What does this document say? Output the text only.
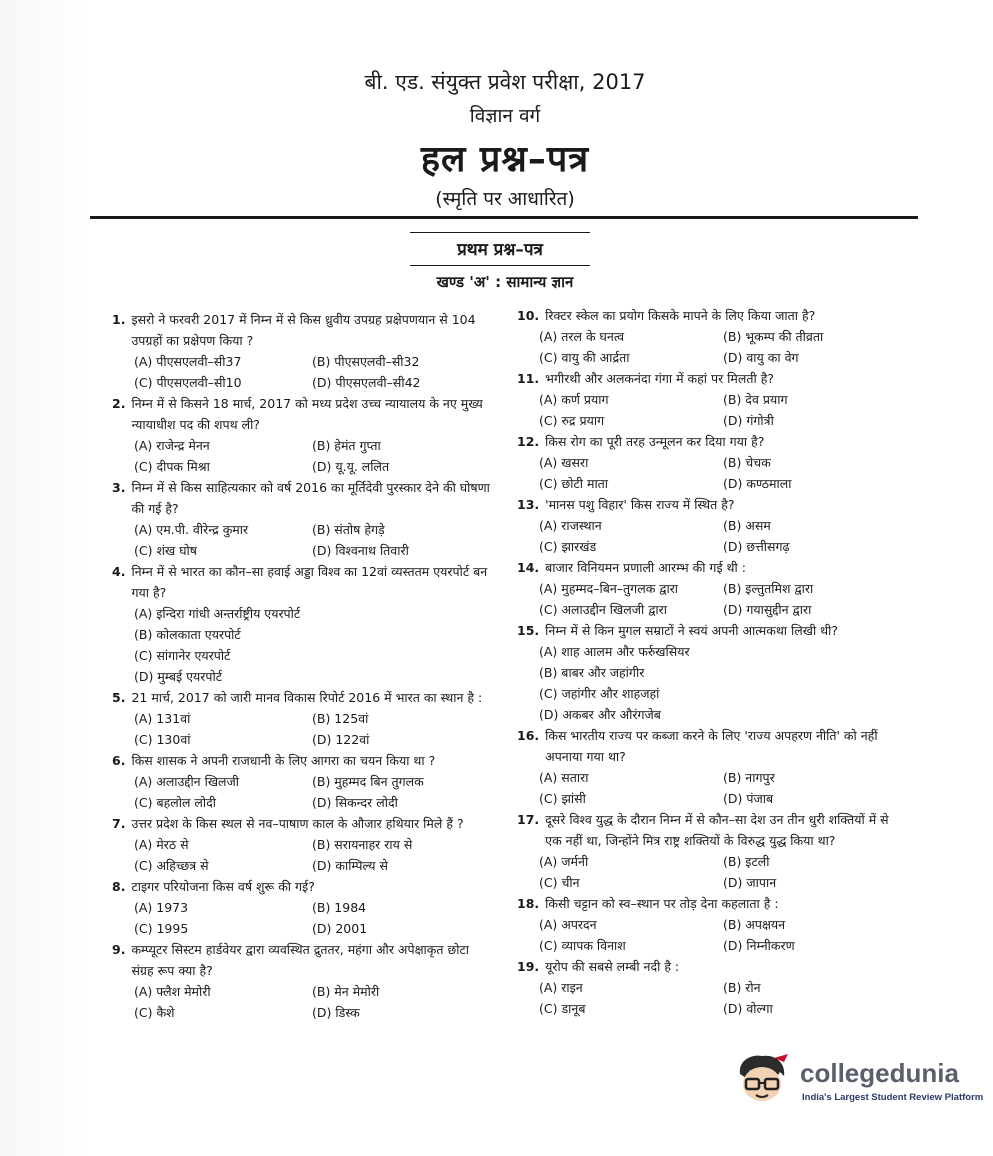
बी. एड. संयुक्त प्रवेश परीक्षा, 2017
विज्ञान वर्ग
हल प्रश्न–पत्र
(स्मृति पर आधारित)
प्रथम प्रश्न–पत्र
खण्ड 'अ' : सामान्य ज्ञान
1. इसरो ने फरवरी 2017 में निम्न में से किस ध्रुवीय उपग्रह प्रक्षेपणयान से 104 उपग्रहों का प्रक्षेपण किया ?
(A) पीएसएलवी–सी37	(B) पीएसएलवी–सी32
(C) पीएसएलवी–सी10	(D) पीएसएलवी–सी42
2. निम्न में से किसने 18 मार्च, 2017 को मध्य प्रदेश उच्च न्यायालय के नए मुख्य न्यायाधीश पद की शपथ ली?
(A) राजेन्द्र मेनन	(B) हेमंत गुप्ता
(C) दीपक मिश्रा	(D) यू.यू. ललित
3. निम्न में से किस साहित्यकार को वर्ष 2016 का मूर्तिदेवी पुरस्कार देने की घोषणा की गई है?
(A) एम.पी. वीरेन्द्र कुमार	(B) संतोष हेगड़े
(C) शंख घोष	(D) विश्वनाथ तिवारी
4. निम्न में से भारत का कौन–सा हवाई अड्डा विश्व का 12वां व्यस्ततम एयरपोर्ट बन गया है?
(A) इन्दिरा गांधी अन्तर्राष्ट्रीय एयरपोर्ट
(B) कोलकाता एयरपोर्ट
(C) सांगानेर एयरपोर्ट
(D) मुम्बई एयरपोर्ट
5. 21 मार्च, 2017 को जारी मानव विकास रिपोर्ट 2016 में भारत का स्थान है :
(A) 131वां	(B) 125वां
(C) 130वां	(D) 122वां
6. किस शासक ने अपनी राजधानी के लिए आगरा का चयन किया था ?
(A) अलाउद्दीन खिलजी	(B) मुहम्मद बिन तुगलक
(C) बहलोल लोदी	(D) सिकन्दर लोदी
7. उत्तर प्रदेश के किस स्थल से नव–पाषाण काल के औजार हथियार मिले हैं ?
(A) मेरठ से	(B) सरायनाहर राय से
(C) अहिच्छत्र से	(D) काम्पिल्य से
8. टाइगर परियोजना किस वर्ष शुरू की गई?
(A) 1973	(B) 1984
(C) 1995	(D) 2001
9. कम्प्यूटर सिस्टम हार्डवेयर द्वारा व्यवस्थित द्रुततर, महंगा और अपेक्षाकृत छोटा संग्रह रूप क्या है?
(A) फ्लैश मेमोरी	(B) मेन मेमोरी
(C) कैशे	(D) डिस्क
10. रिक्टर स्केल का प्रयोग किसके मापने के लिए किया जाता है?
(A) तरल के घनत्व	(B) भूकम्प की तीव्रता
(C) वायु की आर्द्रता	(D) वायु का वेग
11. भगीरथी और अलकनंदा गंगा में कहां पर मिलती है?
(A) कर्ण प्रयाग	(B) देव प्रयाग
(C) रुद्र प्रयाग	(D) गंगोत्री
12. किस रोग का पूरी तरह उन्मूलन कर दिया गया है?
(A) खसरा	(B) चेचक
(C) छोटी माता	(D) कण्ठमाला
13. 'मानस पशु विहार' किस राज्य में स्थित है?
(A) राजस्थान	(B) असम
(C) झारखंड	(D) छत्तीसगढ़
14. बाजार विनियमन प्रणाली आरम्भ की गई थी :
(A) मुहम्मद–बिन–तुगलक द्वारा	(B) इल्तुतमिश द्वारा
(C) अलाउद्दीन खिलजी द्वारा	(D) गयासुद्दीन द्वारा
15. निम्न में से किन मुगल सम्राटों ने स्वयं अपनी आत्मकथा लिखी थी?
(A) शाह आलम और फर्रुखसियर
(B) बाबर और जहांगीर
(C) जहांगीर और शाहजहां
(D) अकबर और औरंगजेब
16. किस भारतीय राज्य पर कब्जा करने के लिए 'राज्य अपहरण नीति' को नहीं अपनाया गया था?
(A) सतारा	(B) नागपुर
(C) झांसी	(D) पंजाब
17. दूसरे विश्व युद्ध के दौरान निम्न में से कौन–सा देश उन तीन धुरी शक्तियों में से एक नहीं था, जिन्होंने मित्र राष्ट्र शक्तियों के विरुद्ध युद्ध किया था?
(A) जर्मनी	(B) इटली
(C) चीन	(D) जापान
18. किसी चट्टान को स्व–स्थान पर तोड़ देना कहलाता है :
(A) अपरदन	(B) अपक्षयन
(C) व्यापक विनाश	(D) निम्नीकरण
19. यूरोप की सबसे लम्बी नदी है :
(A) राइन	(B) रोन
(C) डानूब	(D) वोल्गा
collegedunia
India's Largest Student Review Platform
